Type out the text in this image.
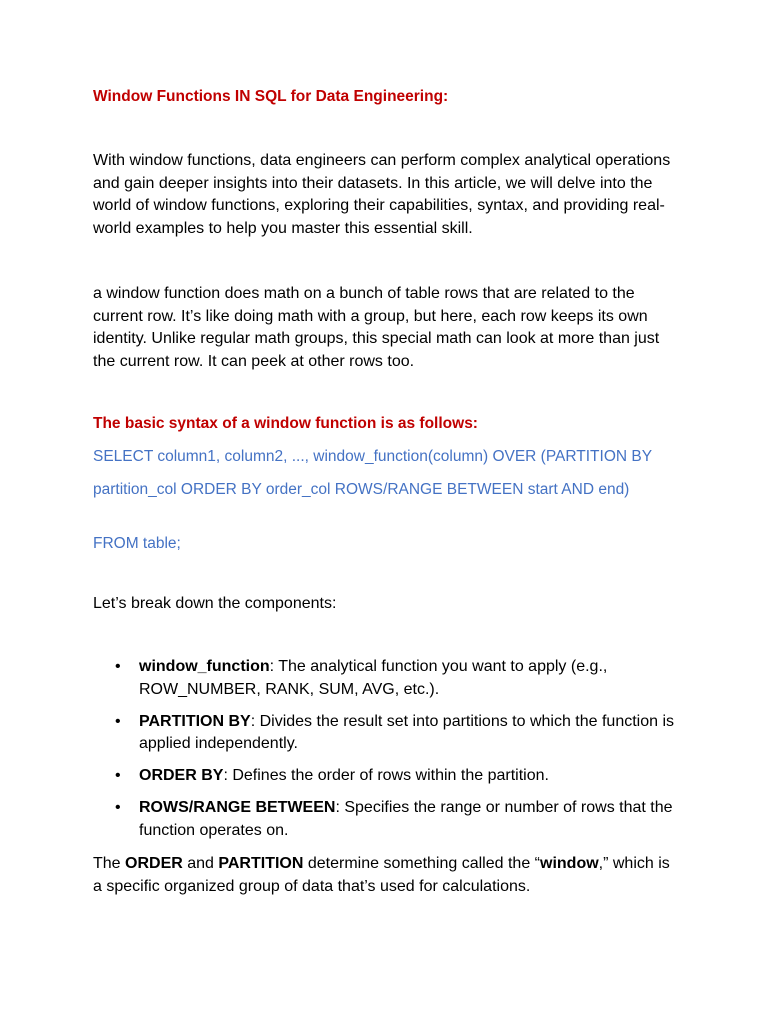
Window Functions IN SQL for Data Engineering:

With window functions, data engineers can perform complex analytical operations and gain deeper insights into their datasets. In this article, we will delve into the world of window functions, exploring their capabilities, syntax, and providing real-world examples to help you master this essential skill.

a window function does math on a bunch of table rows that are related to the current row. It’s like doing math with a group, but here, each row keeps its own identity. Unlike regular math groups, this special math can look at more than just the current row. It can peek at other rows too.

The basic syntax of a window function is as follows:
SELECT column1, column2, ..., window_function(column) OVER (PARTITION BY
partition_col ORDER BY order_col ROWS/RANGE BETWEEN start AND end)
FROM table;

Let’s break down the components:

• window_function: The analytical function you want to apply (e.g., ROW_NUMBER, RANK, SUM, AVG, etc.).
• PARTITION BY: Divides the result set into partitions to which the function is applied independently.
• ORDER BY: Defines the order of rows within the partition.
• ROWS/RANGE BETWEEN: Specifies the range or number of rows that the function operates on.

The ORDER and PARTITION determine something called the “window,” which is a specific organized group of data that’s used for calculations.
